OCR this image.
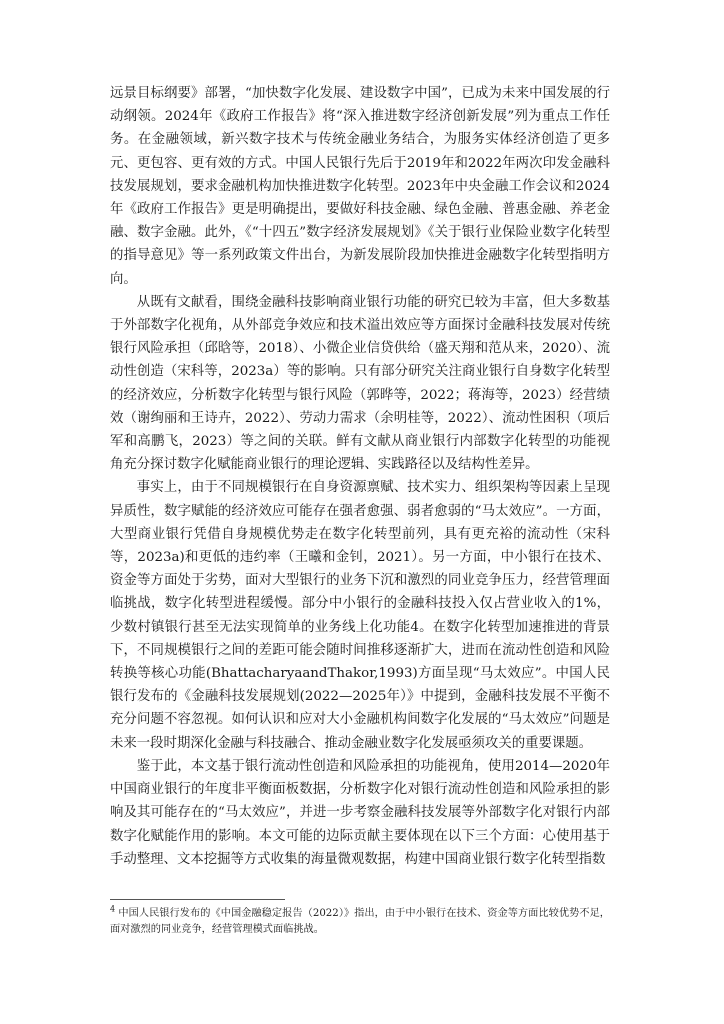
远景目标纲要》部署，“加快数字化发展、建设数字中国”，已成为未来中国发展的行动纲领。2024年《政府工作报告》将“深入推进数字经济创新发展”列为重点工作任务。在金融领域，新兴数字技术与传统金融业务结合，为服务实体经济创造了更多元、更包容、更有效的方式。中国人民银行先后于2019年和2022年两次印发金融科技发展规划，要求金融机构加快推进数字化转型。2023年中央金融工作会议和2024年《政府工作报告》更是明确提出，要做好科技金融、绿色金融、普惠金融、养老金融、数字金融。此外，《“十四五”数字经济发展规划》《关于银行业保险业数字化转型的指导意见》等一系列政策文件出台，为新发展阶段加快推进金融数字化转型指明方向。

从既有文献看，围绕金融科技影响商业银行功能的研究已较为丰富，但大多数基于外部数字化视角，从外部竞争效应和技术溢出效应等方面探讨金融科技发展对传统银行风险承担（邱晗等，2018）、小微企业信贷供给（盛天翔和范从来，2020）、流动性创造（宋科等，2023a）等的影响。只有部分研究关注商业银行自身数字化转型的经济效应，分析数字化转型与银行风险（郭晔等，2022；蒋海等，2023）经营绩效（谢绚丽和王诗卉，2022）、劳动力需求（余明桂等，2022）、流动性困积（项后军和高鹏飞，2023）等之间的关联。鲜有文献从商业银行内部数字化转型的功能视角充分探讨数字化赋能商业银行的理论逻辑、实践路径以及结构性差异。

事实上，由于不同规模银行在自身资源禀赋、技术实力、组织架构等因素上呈现异质性，数字赋能的经济效应可能存在强者愈强、弱者愈弱的“马太效应”。一方面，大型商业银行凭借自身规模优势走在数字化转型前列，具有更充裕的流动性（宋科等，2023a)和更低的违约率（王曦和金钊，2021）。另一方面，中小银行在技术、资金等方面处于劣势，面对大型银行的业务下沉和激烈的同业竞争压力，经营管理面临挑战，数字化转型进程缓慢。部分中小银行的金融科技投入仅占营业收入的1%，少数村镇银行甚至无法实现简单的业务线上化功能4。在数字化转型加速推进的背景下，不同规模银行之间的差距可能会随时间推移逐渐扩大，进而在流动性创造和风险转换等核心功能(BhattacharyaandThakor,1993)方面呈现“马太效应”。中国人民银行发布的《金融科技发展规划(2022—2025年）》中提到，金融科技发展不平衡不充分问题不容忽视。如何认识和应对大小金融机构间数字化发展的“马太效应”问题是未来一段时期深化金融与科技融合、推动金融业数字化发展亟须攻关的重要课题。

鉴于此，本文基于银行流动性创造和风险承担的功能视角，使用2014—2020年中国商业银行的年度非平衡面板数据，分析数字化对银行流动性创造和风险承担的影响及其可能存在的“马太效应”，并进一步考察金融科技发展等外部数字化对银行内部数字化赋能作用的影响。本文可能的边际贡献主要体现在以下三个方面：心使用基于手动整理、文本挖掘等方式收集的海量微观数据，构建中国商业银行数字化转型指数

$^4$ 中国人民银行发布的《中国金融稳定报告（2022）》指出，由于中小银行在技术、资金等方面比较优势不足，面对激烈的同业竞争，经营管理模式面临挑战。
